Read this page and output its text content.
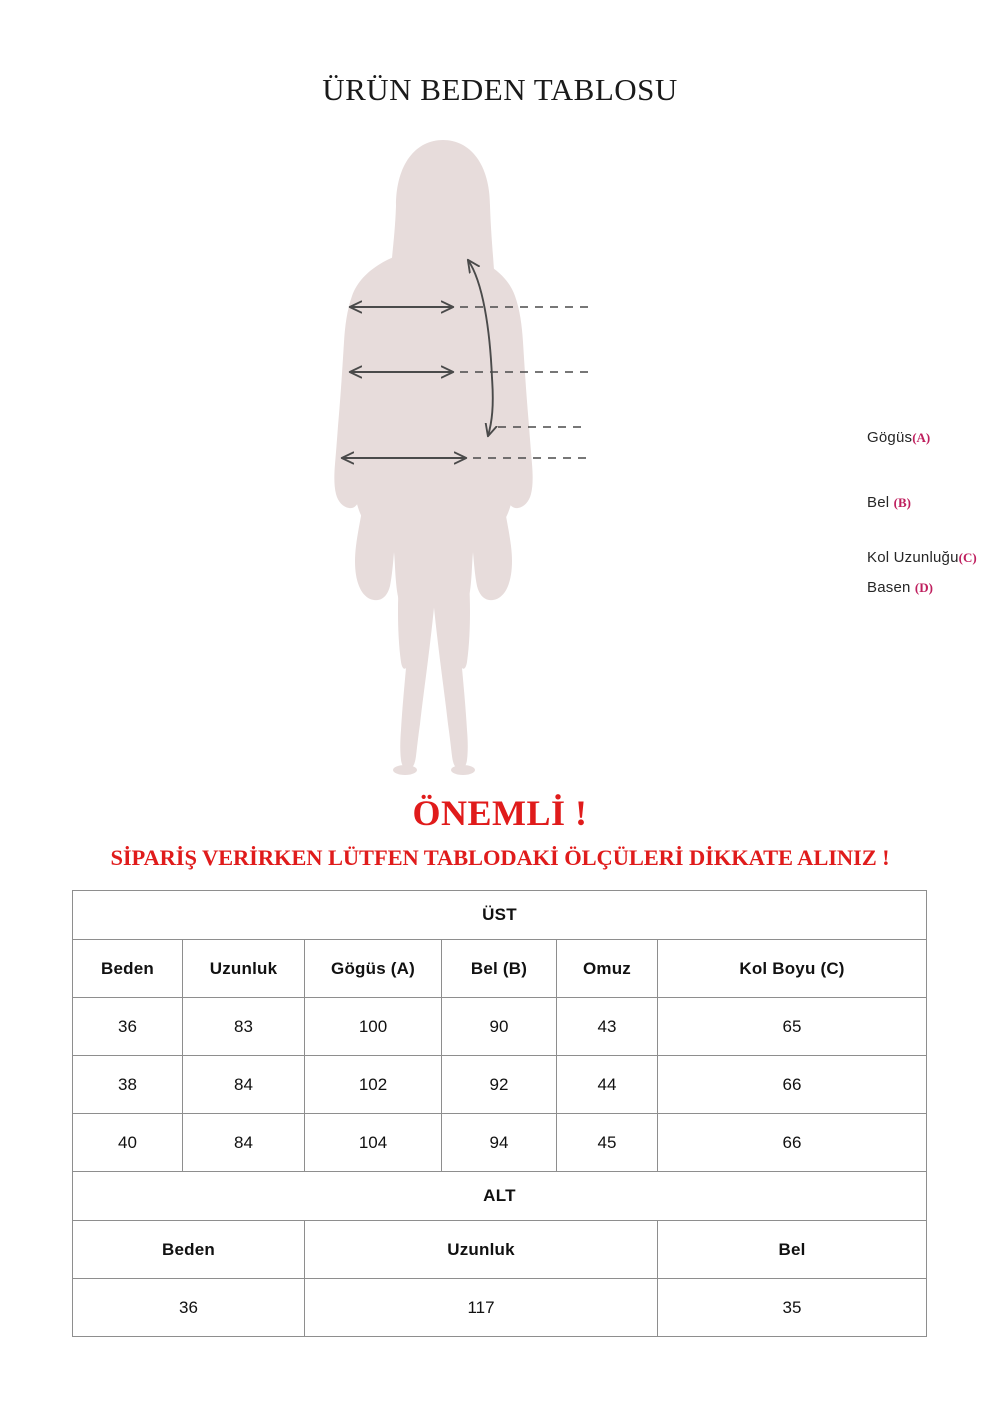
ÜRÜN BEDEN TABLOSU
Gögüs(A)
Bel (B)
Kol Uzunluğu(C)
Basen (D)
ÖNEMLİ !
SİPARİŞ VERİRKEN LÜTFEN TABLODAKİ ÖLÇÜLERİ DİKKATE ALINIZ !
ÜST					
Beden	Uzunluk	Gögüs (A)	Bel (B)	Omuz	Kol Boyu (C)
36	83	100	90	43	65
38	84	102	92	44	66
40	84	104	94	45	66
ALT					
Beden		Uzunluk			Bel
36		117			35
